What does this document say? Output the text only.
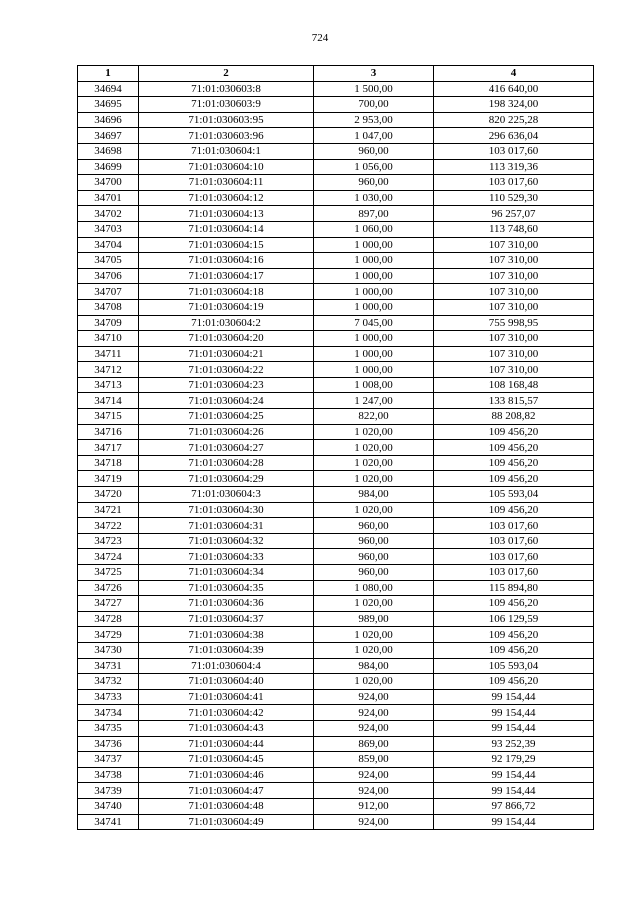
724
1	2	3	4
34694	71:01:030603:8	1 500,00	416 640,00
34695	71:01:030603:9	700,00	198 324,00
34696	71:01:030603:95	2 953,00	820 225,28
34697	71:01:030603:96	1 047,00	296 636,04
34698	71:01:030604:1	960,00	103 017,60
34699	71:01:030604:10	1 056,00	113 319,36
34700	71:01:030604:11	960,00	103 017,60
34701	71:01:030604:12	1 030,00	110 529,30
34702	71:01:030604:13	897,00	96 257,07
34703	71:01:030604:14	1 060,00	113 748,60
34704	71:01:030604:15	1 000,00	107 310,00
34705	71:01:030604:16	1 000,00	107 310,00
34706	71:01:030604:17	1 000,00	107 310,00
34707	71:01:030604:18	1 000,00	107 310,00
34708	71:01:030604:19	1 000,00	107 310,00
34709	71:01:030604:2	7 045,00	755 998,95
34710	71:01:030604:20	1 000,00	107 310,00
34711	71:01:030604:21	1 000,00	107 310,00
34712	71:01:030604:22	1 000,00	107 310,00
34713	71:01:030604:23	1 008,00	108 168,48
34714	71:01:030604:24	1 247,00	133 815,57
34715	71:01:030604:25	822,00	88 208,82
34716	71:01:030604:26	1 020,00	109 456,20
34717	71:01:030604:27	1 020,00	109 456,20
34718	71:01:030604:28	1 020,00	109 456,20
34719	71:01:030604:29	1 020,00	109 456,20
34720	71:01:030604:3	984,00	105 593,04
34721	71:01:030604:30	1 020,00	109 456,20
34722	71:01:030604:31	960,00	103 017,60
34723	71:01:030604:32	960,00	103 017,60
34724	71:01:030604:33	960,00	103 017,60
34725	71:01:030604:34	960,00	103 017,60
34726	71:01:030604:35	1 080,00	115 894,80
34727	71:01:030604:36	1 020,00	109 456,20
34728	71:01:030604:37	989,00	106 129,59
34729	71:01:030604:38	1 020,00	109 456,20
34730	71:01:030604:39	1 020,00	109 456,20
34731	71:01:030604:4	984,00	105 593,04
34732	71:01:030604:40	1 020,00	109 456,20
34733	71:01:030604:41	924,00	99 154,44
34734	71:01:030604:42	924,00	99 154,44
34735	71:01:030604:43	924,00	99 154,44
34736	71:01:030604:44	869,00	93 252,39
34737	71:01:030604:45	859,00	92 179,29
34738	71:01:030604:46	924,00	99 154,44
34739	71:01:030604:47	924,00	99 154,44
34740	71:01:030604:48	912,00	97 866,72
34741	71:01:030604:49	924,00	99 154,44
